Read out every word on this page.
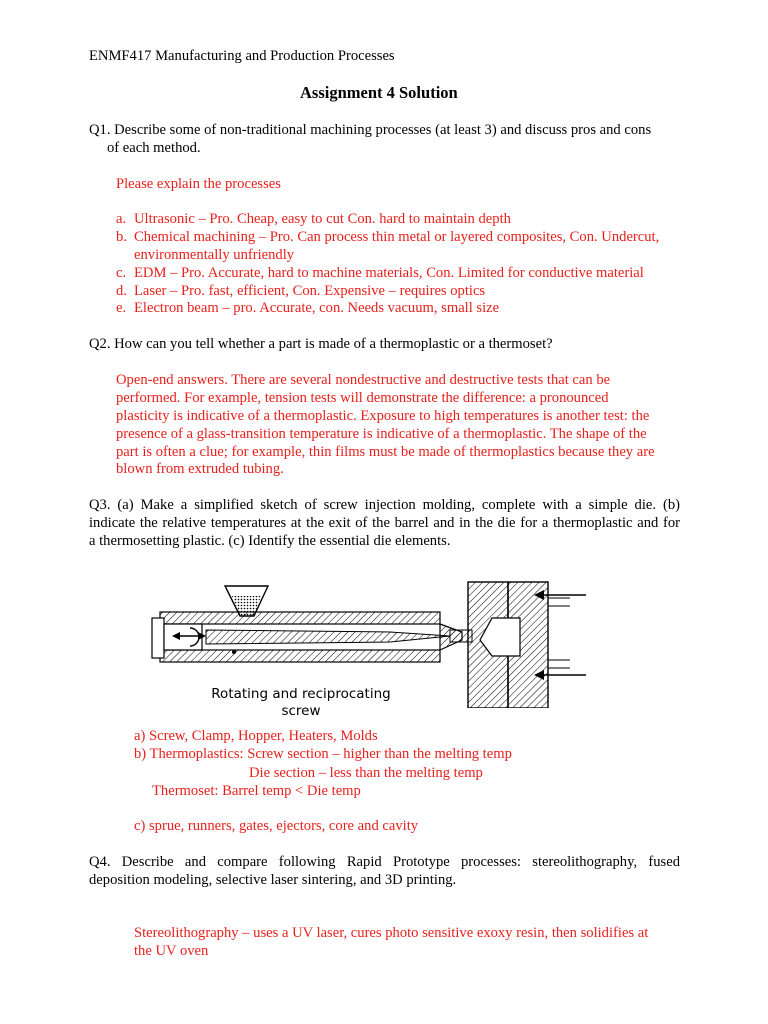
ENMF417 Manufacturing and Production Processes
Assignment 4 Solution
Q1. Describe some of non-traditional machining processes (at least 3) and discuss pros and cons
of each method.
Please explain the processes
a. Ultrasonic – Pro. Cheap, easy to cut Con. hard to maintain depth
b. Chemical machining – Pro. Can process thin metal or layered composites, Con. Undercut,
environmentally unfriendly
c. EDM – Pro. Accurate, hard to machine materials, Con. Limited for conductive material
d. Laser – Pro. fast, efficient, Con. Expensive – requires optics
e. Electron beam – pro. Accurate, con. Needs vacuum, small size
Q2. How can you tell whether a part is made of a thermoplastic or a thermoset?
Open-end answers. There are several nondestructive and destructive tests that can be
performed. For example, tension tests will demonstrate the difference: a pronounced
plasticity is indicative of a thermoplastic. Exposure to high temperatures is another test: the
presence of a glass-transition temperature is indicative of a thermoplastic. The shape of the
part is often a clue; for example, thin films must be made of thermoplastics because they are
blown from extruded tubing.
Q3. (a) Make a simplified sketch of screw injection molding, complete with a simple die. (b)
indicate the relative temperatures at the exit of the barrel and in the die for a thermoplastic and for
a thermosetting plastic. (c) Identify the essential die elements.
Rotating and reciprocating
screw
a) Screw, Clamp, Hopper, Heaters, Molds
b) Thermoplastics: Screw section – higher than the melting temp
Die section – less than the melting temp
Thermoset: Barrel temp < Die temp
c) sprue, runners, gates, ejectors, core and cavity
Q4. Describe and compare following Rapid Prototype processes: stereolithography, fused
deposition modeling, selective laser sintering, and 3D printing.
Stereolithography – uses a UV laser, cures photo sensitive exoxy resin, then solidifies at
the UV oven
